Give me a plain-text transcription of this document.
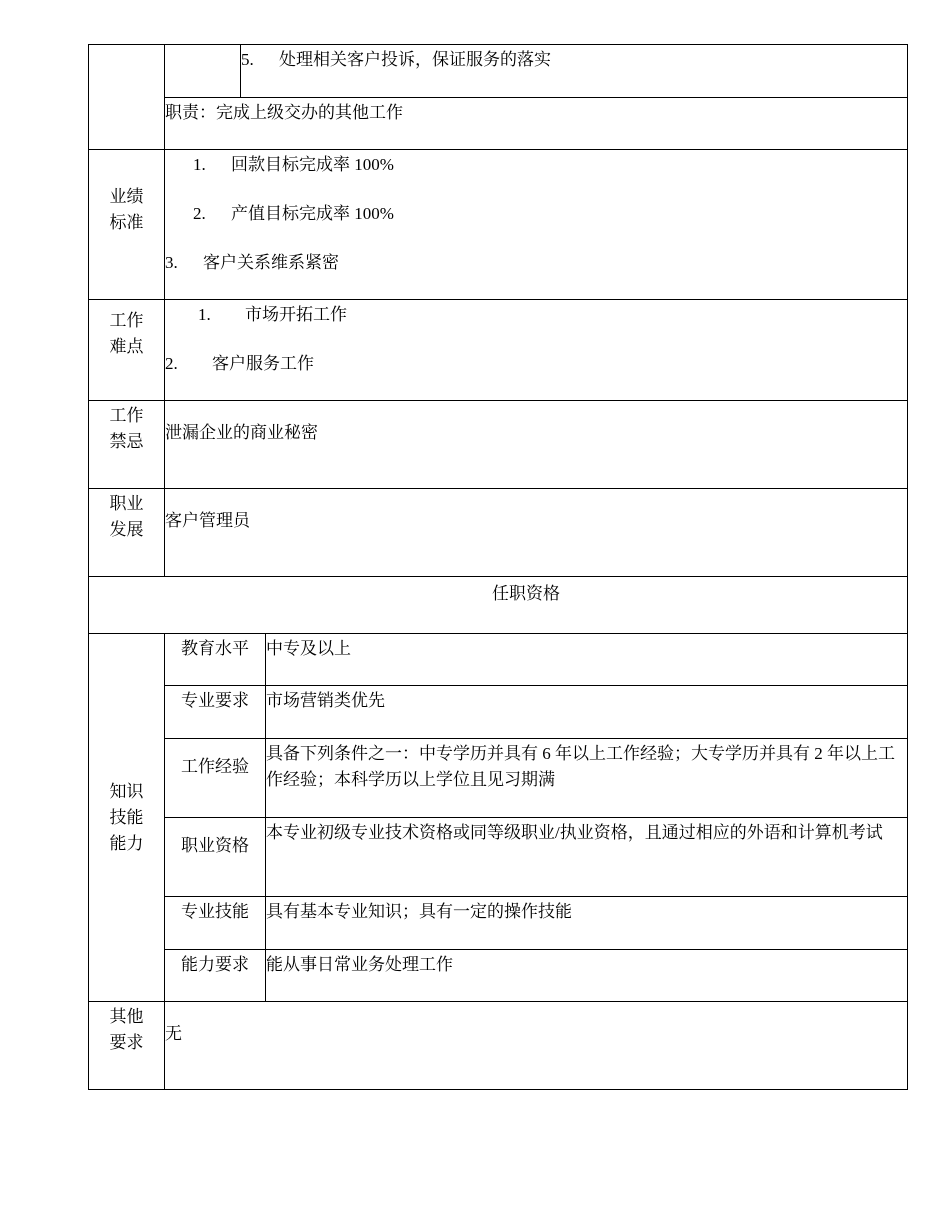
		5. 处理相关客户投诉，保证服务的落实	
	职责：完成上级交办的其他工作		

业绩标准	1. 回款目标完成率 100%
2. 产值目标完成率 100%
3. 客户关系维系紧密		

工作难点	1. 市场开拓工作
2. 客户服务工作		

工作禁忌	泄漏企业的商业秘密		

职业发展	客户管理员		
任职资格			

知识技能能力	教育水平		中专及以上

	专业要求		市场营销类优先

	工作经验		具备下列条件之一：中专学历并具有 6 年以上工作经验；大专学历并具有 2 年以上工作经验；本科学历以上学位且见习期满

	职业资格		本专业初级专业技术资格或同等级职业/执业资格，且通过相应的外语和计算机考试

	专业技能		具有基本专业知识；具有一定的操作技能

	能力要求		能从事日常业务处理工作

其他要求	无		
